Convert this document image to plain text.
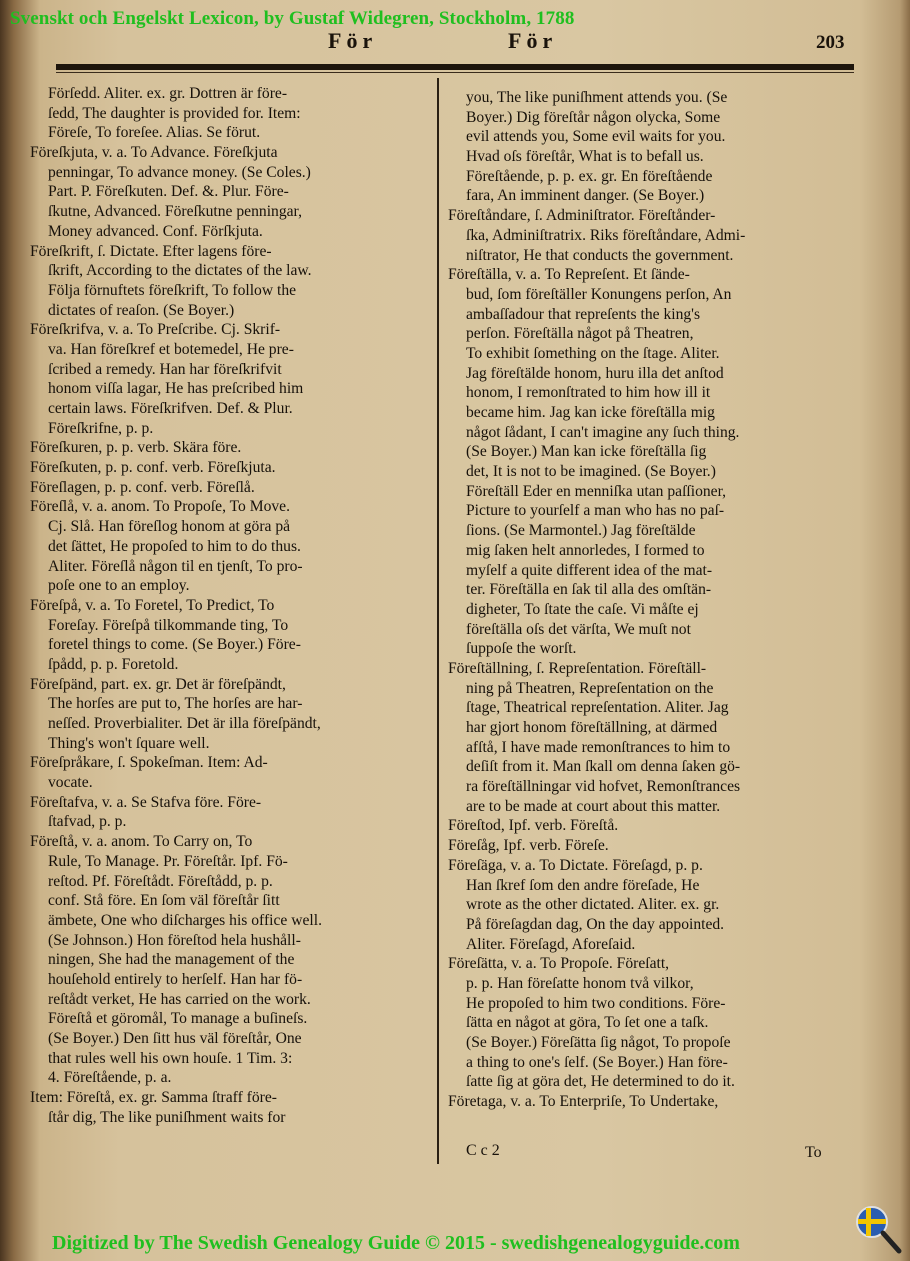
Svenskt och Engelskt Lexicon, by Gustaf Widegren, Stockholm, 1788
För	För	203
Förſedd. Aliter. ex. gr. Dottren är före-
ſedd, The daughter is provided for. Item:
Föreſe, To foreſee. Alias. Se förut.
Föreſkjuta, v. a. To Advance. Föreſkjuta
penningar, To advance money. (Se Coles.)
Part. P. Föreſkuten. Def. &. Plur. Före-
ſkutne, Advanced. Föreſkutne penningar,
Money advanced. Conf. Förſkjuta.
Föreſkrift, ſ. Dictate. Efter lagens före-
ſkrift, According to the dictates of the law.
Följa förnuftets föreſkrift, To follow the
dictates of reaſon. (Se Boyer.)
Föreſkrifva, v. a. To Preſcribe. Cj. Skrif-
va. Han föreſkref et botemedel, He pre-
ſcribed a remedy. Han har föreſkrifvit
honom viſſa lagar, He has preſcribed him
certain laws. Föreſkrifven. Def. & Plur.
Föreſkrifne, p. p.
Föreſkuren, p. p. verb. Skära före.
Föreſkuten, p. p. conf. verb. Föreſkjuta.
Föreſlagen, p. p. conf. verb. Föreſlå.
Föreſlå, v. a. anom. To Propoſe, To Move.
Cj. Slå. Han föreſlog honom at göra på
det ſättet, He propoſed to him to do thus.
Aliter. Föreſlå någon til en tjenſt, To pro-
poſe one to an employ.
Föreſpå, v. a. To Foretel, To Predict, To
Foreſay. Föreſpå tilkommande ting, To
foretel things to come. (Se Boyer.) Före-
ſpådd, p. p. Foretold.
Föreſpänd, part. ex. gr. Det är föreſpändt,
The horſes are put to, The horſes are har-
neſſed. Proverbialiter. Det är illa föreſpändt,
Thing's won't ſquare well.
Föreſpråkare, ſ. Spokeſman. Item: Ad-
vocate.
Föreſtafva, v. a. Se Stafva före. Före-
ſtafvad, p. p.
Föreſtå, v. a. anom. To Carry on, To
Rule, To Manage. Pr. Föreſtår. Ipf. Fö-
reſtod. Pf. Föreſtådt. Föreſtådd, p. p.
conf. Stå före. En ſom väl föreſtår ſitt
ämbete, One who diſcharges his office well.
(Se Johnson.) Hon föreſtod hela hushåll-
ningen, She had the management of the
houſehold entirely to herſelf. Han har fö-
reſtådt verket, He has carried on the work.
Föreſtå et göromål, To manage a buſineſs.
(Se Boyer.) Den ſitt hus väl föreſtår, One
that rules well his own houſe. 1 Tim. 3:
4. Föreſtående, p. a.
Item: Föreſtå, ex. gr. Samma ſtraff före-
ſtår dig, The like puniſhment waits for
you, The like puniſhment attends you. (Se
Boyer.) Dig föreſtår någon olycka, Some
evil attends you, Some evil waits for you.
Hvad oſs föreſtår, What is to befall us.
Föreſtående, p. p. ex. gr. En föreſtående
fara, An imminent danger. (Se Boyer.)
Föreſtåndare, ſ. Adminiſtrator. Föreſtånder-
ſka, Adminiſtratrix. Riks föreſtåndare, Admi-
niſtrator, He that conducts the government.
Föreſtälla, v. a. To Repreſent. Et ſände-
bud, ſom föreſtäller Konungens perſon, An
ambaſſadour that repreſents the king's
perſon. Föreſtälla något på Theatren,
To exhibit ſomething on the ſtage. Aliter.
Jag föreſtälde honom, huru illa det anſtod
honom, I remonſtrated to him how ill it
became him. Jag kan icke föreſtälla mig
något ſådant, I can't imagine any ſuch thing.
(Se Boyer.) Man kan icke föreſtälla ſig
det, It is not to be imagined. (Se Boyer.)
Föreſtäll Eder en menniſka utan paſſioner,
Picture to yourſelf a man who has no paſ-
ſions. (Se Marmontel.) Jag föreſtälde
mig ſaken helt annorledes, I formed to
myſelf a quite different idea of the mat-
ter. Föreſtälla en ſak til alla des omſtän-
digheter, To ſtate the caſe. Vi måſte ej
föreſtälla oſs det värſta, We muſt not
ſuppoſe the worſt.
Föreſtällning, ſ. Repreſentation. Föreſtäll-
ning på Theatren, Repreſentation on the
ſtage, Theatrical repreſentation. Aliter. Jag
har gjort honom föreſtällning, at därmed
afſtå, I have made remonſtrances to him to
deſiſt from it. Man ſkall om denna ſaken gö-
ra föreſtällningar vid hofvet, Remonſtrances
are to be made at court about this matter.
Föreſtod, Ipf. verb. Föreſtå.
Föreſåg, Ipf. verb. Föreſe.
Föreſäga, v. a. To Dictate. Föreſagd, p. p.
Han ſkref ſom den andre föreſade, He
wrote as the other dictated. Aliter. ex. gr.
På föreſagdan dag, On the day appointed.
Aliter. Föreſagd, Aforeſaid.
Föreſätta, v. a. To Propoſe. Föreſatt,
p. p. Han föreſatte honom två vilkor,
He propoſed to him two conditions. Före-
ſätta en något at göra, To ſet one a taſk.
(Se Boyer.) Föreſätta ſig något, To propoſe
a thing to one's ſelf. (Se Boyer.) Han före-
ſatte ſig at göra det, He determined to do it.
Företaga, v. a. To Enterpriſe, To Undertake,
C c 2	To
Digitized by The Swedish Genealogy Guide © 2015 - swedishgenealogyguide.com
